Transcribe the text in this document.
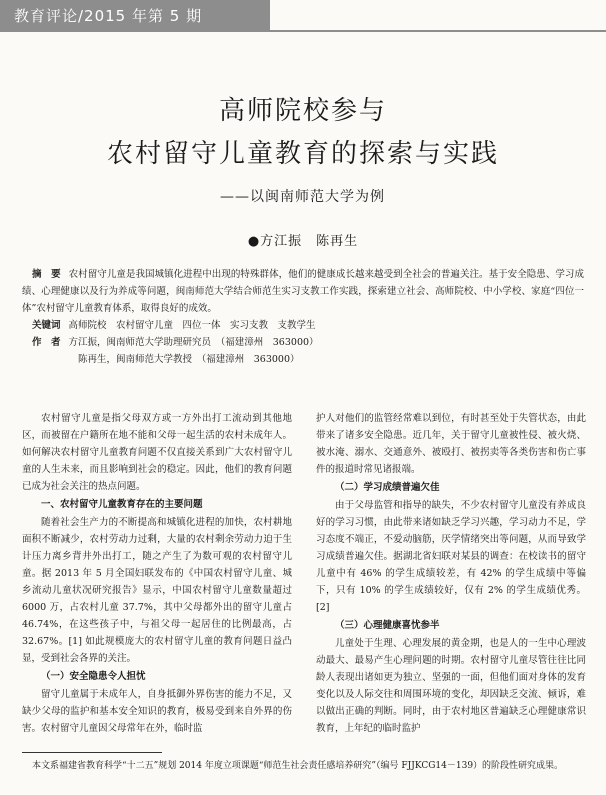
教育评论/2015 年第 5 期
高师院校参与
农村留守儿童教育的探索与实践
——以闽南师范大学为例
●方江振　陈再生

摘　要 农村留守儿童是我国城镇化进程中出现的特殊群体，他们的健康成长越来越受到全社会的普遍关注。基于安全隐患、学习成绩、心理健康以及行为养成等问题，闽南师范大学结合师范生实习支教工作实践，探索建立社会、高师院校、中小学校、家庭“四位一体”农村留守儿童教育体系，取得良好的成效。

关键词 高师院校　农村留守儿童　四位一体　实习支教　支教学生

作　者 方江振，闽南师范大学助理研究员　（福建漳州　363000）

陈再生，闽南师范大学教授　（福建漳州　363000）

农村留守儿童是指父母双方或一方外出打工流动到其他地区，而被留在户籍所在地不能和父母一起生活的农村未成年人。如何解决农村留守儿童教育问题不仅直接关系到广大农村留守儿童的人生未来，而且影响到社会的稳定。因此，他们的教育问题已成为社会关注的热点问题。

一、农村留守儿童教育存在的主要问题

随着社会生产力的不断提高和城镇化进程的加快，农村耕地面积不断减少，农村劳动力过剩，大量的农村剩余劳动力迫于生计压力离乡背井外出打工，随之产生了为数可观的农村留守儿童。据 2013 年 5 月全国妇联发布的《中国农村留守儿童、城乡流动儿童状况研究报告》显示，中国农村留守儿童数量超过 6000 万，占农村儿童 37.7%，其中父母都外出的留守儿童占 46.74%，在这些孩子中，与祖父母一起居住的比例最高，占 32.67%。[1] 如此规模庞大的农村留守儿童的教育问题日益凸显，受到社会各界的关注。

（一）安全隐患令人担忧

留守儿童属于未成年人，自身抵御外界伤害的能力不足，又缺少父母的监护和基本安全知识的教育，极易受到来自外界的伤害。农村留守儿童因父母常年在外，临时监

护人对他们的监管经常难以到位，有时甚至处于失管状态，由此带来了诸多安全隐患。近几年，关于留守儿童被性侵、被火烧、被水淹、溺水、交通意外、被殴打、被拐卖等各类伤害和伤亡事件的报道时常见诸报端。

（二）学习成绩普遍欠佳

由于父母监管和指导的缺失，不少农村留守儿童没有养成良好的学习习惯，由此带来诸如缺乏学习兴趣，学习动力不足，学习态度不端正，不爱动脑筋，厌学情绪突出等问题，从而导致学习成绩普遍欠佳。据湖北省妇联对某县的调查：在校读书的留守儿童中有 46% 的学生成绩较差，有 42% 的学生成绩中等偏下，只有 10% 的学生成绩较好，仅有 2% 的学生成绩优秀。[2]

（三）心理健康喜忧参半

儿童处于生理、心理发展的黄金期，也是人的一生中心理波动最大、最易产生心理问题的时期。农村留守儿童尽管往往比同龄人表现出诸如更为独立、坚强的一面，但他们面对身体的发育变化以及人际交往和周围环境的变化，却因缺乏交流、倾诉，难以做出正确的判断。同时，由于农村地区普遍缺乏心理健康常识教育，上年纪的临时监护

本文系福建省教育科学“十二五”规划 2014 年度立项课题“师范生社会责任感培养研究”（编号 FJJKCG14－139）的阶段性研究成果。
